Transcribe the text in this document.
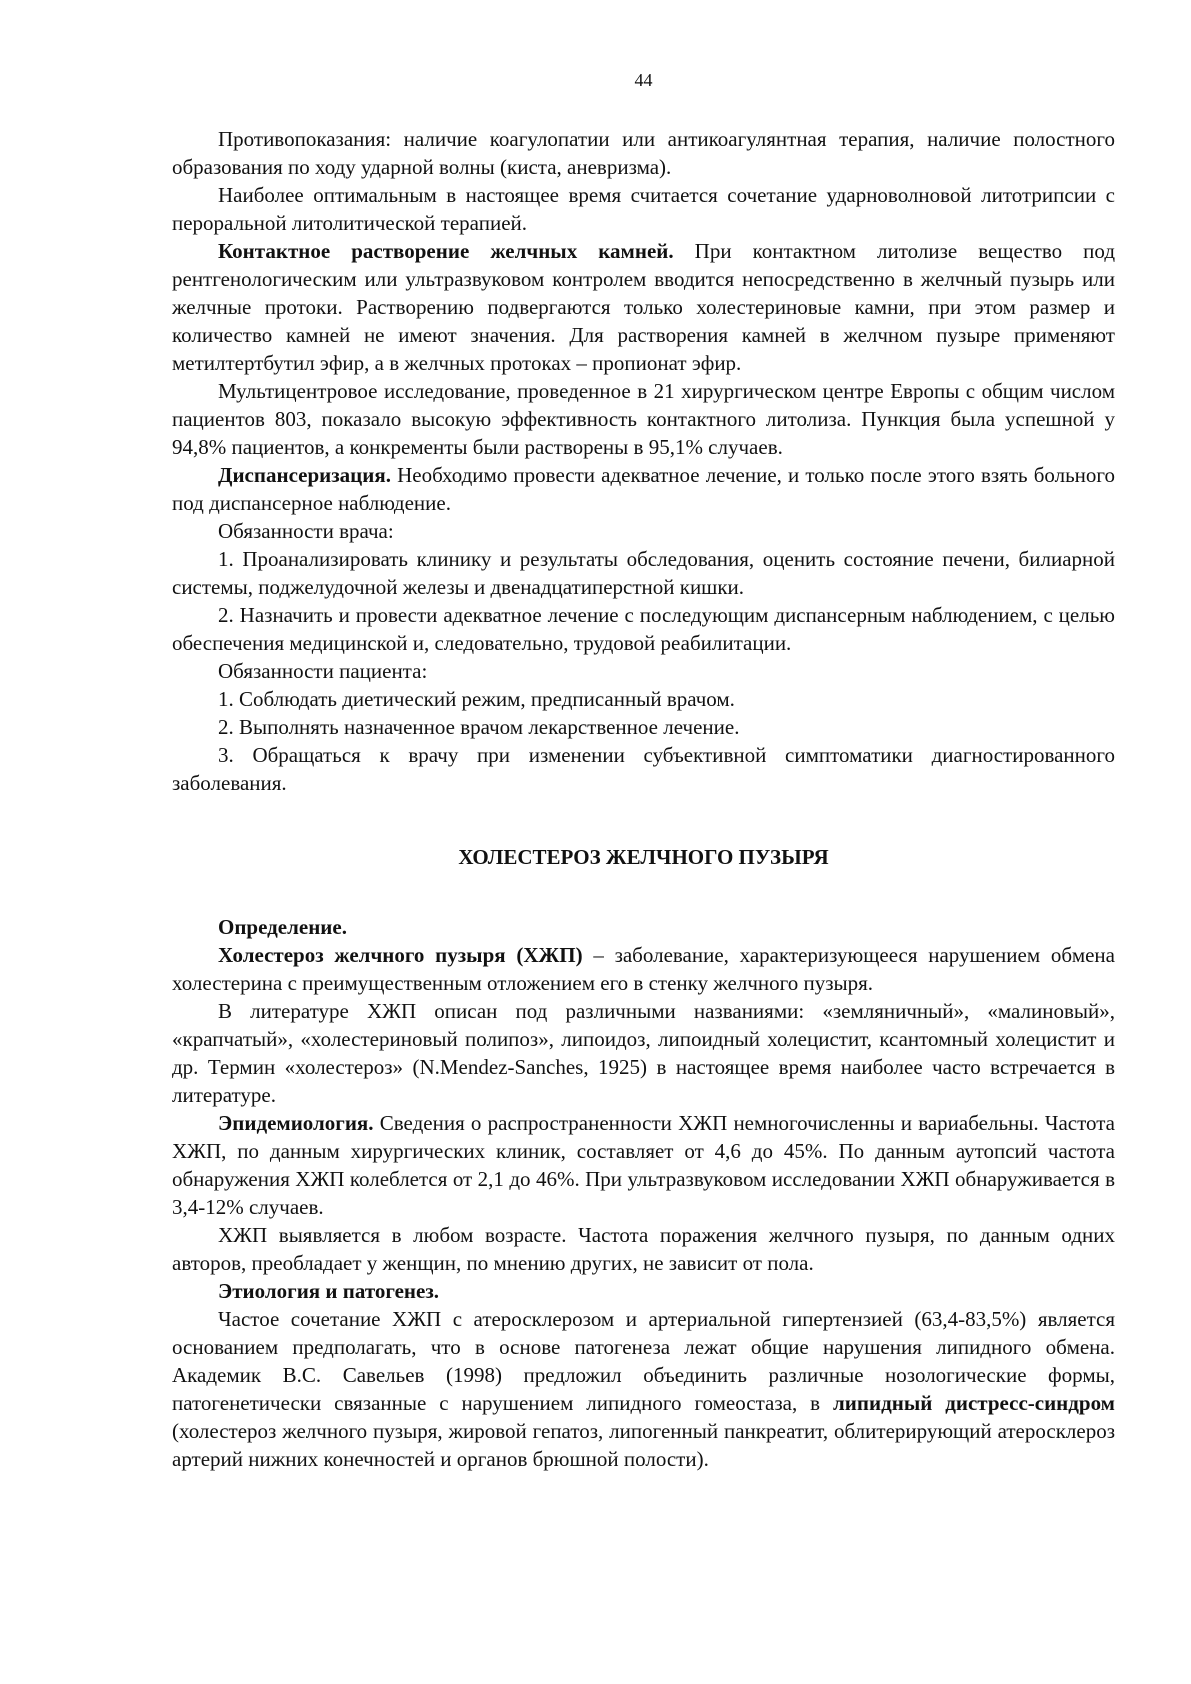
44

Противопоказания: наличие коагулопатии или антикоагулянтная терапия, наличие полостного образования по ходу ударной волны (киста, аневризма).

Наиболее оптимальным в настоящее время считается сочетание ударноволновой литотрипсии с пероральной литолитической терапией.

Контактное растворение желчных камней. При контактном литолизе вещество под рентгенологическим или ультразвуковом контролем вводится непосредственно в желчный пузырь или желчные протоки. Растворению подвергаются только холестериновые камни, при этом размер и количество камней не имеют значения. Для растворения камней в желчном пузыре применяют метилтертбутил эфир, а в желчных протоках – пропионат эфир.

Мультицентровое исследование, проведенное в 21 хирургическом центре Европы с общим числом пациентов 803, показало высокую эффективность контактного литолиза. Пункция была успешной у 94,8% пациентов, а конкременты были растворены в 95,1% случаев.

Диспансеризация. Необходимо провести адекватное лечение, и только после этого взять больного под диспансерное наблюдение.

Обязанности врача:

1. Проанализировать клинику и результаты обследования, оценить состояние печени, билиарной системы, поджелудочной железы и двенадцатиперстной кишки.

2. Назначить и провести адекватное лечение с последующим диспансерным наблюдением, с целью обеспечения медицинской и, следовательно, трудовой реабилитации.

Обязанности пациента:

1. Соблюдать диетический режим, предписанный врачом.

2. Выполнять назначенное врачом лекарственное лечение.

3. Обращаться к врачу при изменении субъективной симптоматики диагностированного заболевания.

ХОЛЕСТЕРОЗ ЖЕЛЧНОГО ПУЗЫРЯ

Определение.

Холестероз желчного пузыря (ХЖП) – заболевание, характеризующееся нарушением обмена холестерина с преимущественным отложением его в стенку желчного пузыря.

В литературе ХЖП описан под различными названиями: «земляничный», «малиновый», «крапчатый», «холестериновый полипоз», липоидоз, липоидный холецистит, ксантомный холецистит и др. Термин «холестероз» (N.Mendez-Sanches, 1925) в настоящее время наиболее часто встречается в литературе.

Эпидемиология. Сведения о распространенности ХЖП немногочисленны и вариабельны. Частота ХЖП, по данным хирургических клиник, составляет от 4,6 до 45%. По данным аутопсий частота обнаружения ХЖП колеблется от 2,1 до 46%. При ультразвуковом исследовании ХЖП обнаруживается в 3,4-12% случаев.

ХЖП выявляется в любом возрасте. Частота поражения желчного пузыря, по данным одних авторов, преобладает у женщин, по мнению других, не зависит от пола.

Этиология и патогенез.

Частое сочетание ХЖП с атеросклерозом и артериальной гипертензией (63,4-83,5%) является основанием предполагать, что в основе патогенеза лежат общие нарушения липидного обмена. Академик В.С. Савельев (1998) предложил объединить различные нозологические формы, патогенетически связанные с нарушением липидного гомеостаза, в липидный дистресс-синдром (холестероз желчного пузыря, жировой гепатоз, липогенный панкреатит, облитерирующий атеросклероз артерий нижних конечностей и органов брюшной полости).
